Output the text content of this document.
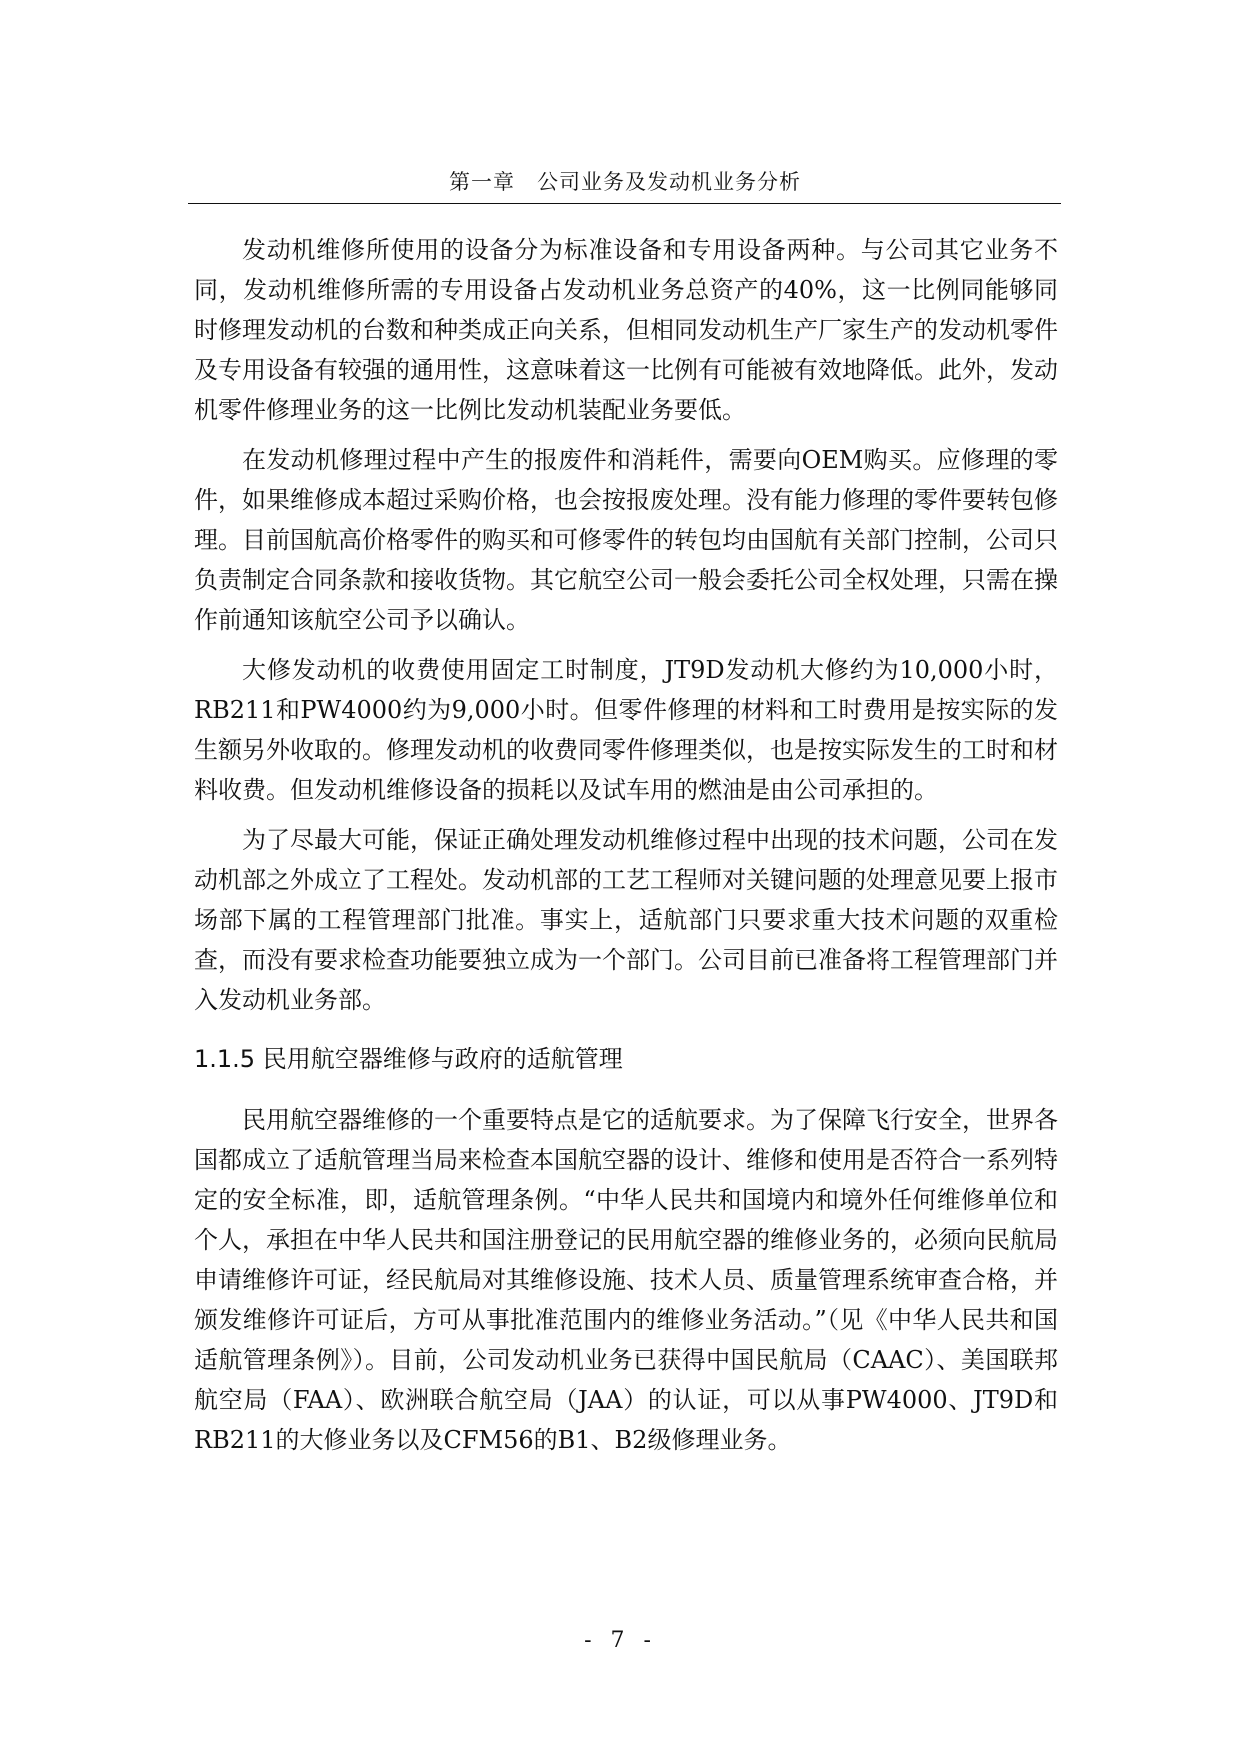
第一章　公司业务及发动机业务分析

发动机维修所使用的设备分为标准设备和专用设备两种。与公司其它业务不同，发动机维修所需的专用设备占发动机业务总资产的40%，这一比例同能够同时修理发动机的台数和种类成正向关系，但相同发动机生产厂家生产的发动机零件及专用设备有较强的通用性，这意味着这一比例有可能被有效地降低。此外，发动机零件修理业务的这一比例比发动机装配业务要低。

在发动机修理过程中产生的报废件和消耗件，需要向OEM购买。应修理的零件，如果维修成本超过采购价格，也会按报废处理。没有能力修理的零件要转包修理。目前国航高价格零件的购买和可修零件的转包均由国航有关部门控制，公司只负责制定合同条款和接收货物。其它航空公司一般会委托公司全权处理，只需在操作前通知该航空公司予以确认。

大修发动机的收费使用固定工时制度，JT9D发动机大修约为10,000小时，RB211和PW4000约为9,000小时。但零件修理的材料和工时费用是按实际的发生额另外收取的。修理发动机的收费同零件修理类似，也是按实际发生的工时和材料收费。但发动机维修设备的损耗以及试车用的燃油是由公司承担的。

为了尽最大可能，保证正确处理发动机维修过程中出现的技术问题，公司在发动机部之外成立了工程处。发动机部的工艺工程师对关键问题的处理意见要上报市场部下属的工程管理部门批准。事实上，适航部门只要求重大技术问题的双重检查，而没有要求检查功能要独立成为一个部门。公司目前已准备将工程管理部门并入发动机业务部。

1.1.5 民用航空器维修与政府的适航管理

民用航空器维修的一个重要特点是它的适航要求。为了保障飞行安全，世界各国都成立了适航管理当局来检查本国航空器的设计、维修和使用是否符合一系列特定的安全标准，即，适航管理条例。“中华人民共和国境内和境外任何维修单位和个人，承担在中华人民共和国注册登记的民用航空器的维修业务的，必须向民航局申请维修许可证，经民航局对其维修设施、技术人员、质量管理系统审查合格，并颁发维修许可证后，方可从事批准范围内的维修业务活动。”（见《中华人民共和国适航管理条例》）。目前，公司发动机业务已获得中国民航局（CAAC）、美国联邦航空局（FAA）、欧洲联合航空局（JAA）的认证，可以从事PW4000、JT9D和RB211的大修业务以及CFM56的B1、B2级修理业务。

- 7 -
